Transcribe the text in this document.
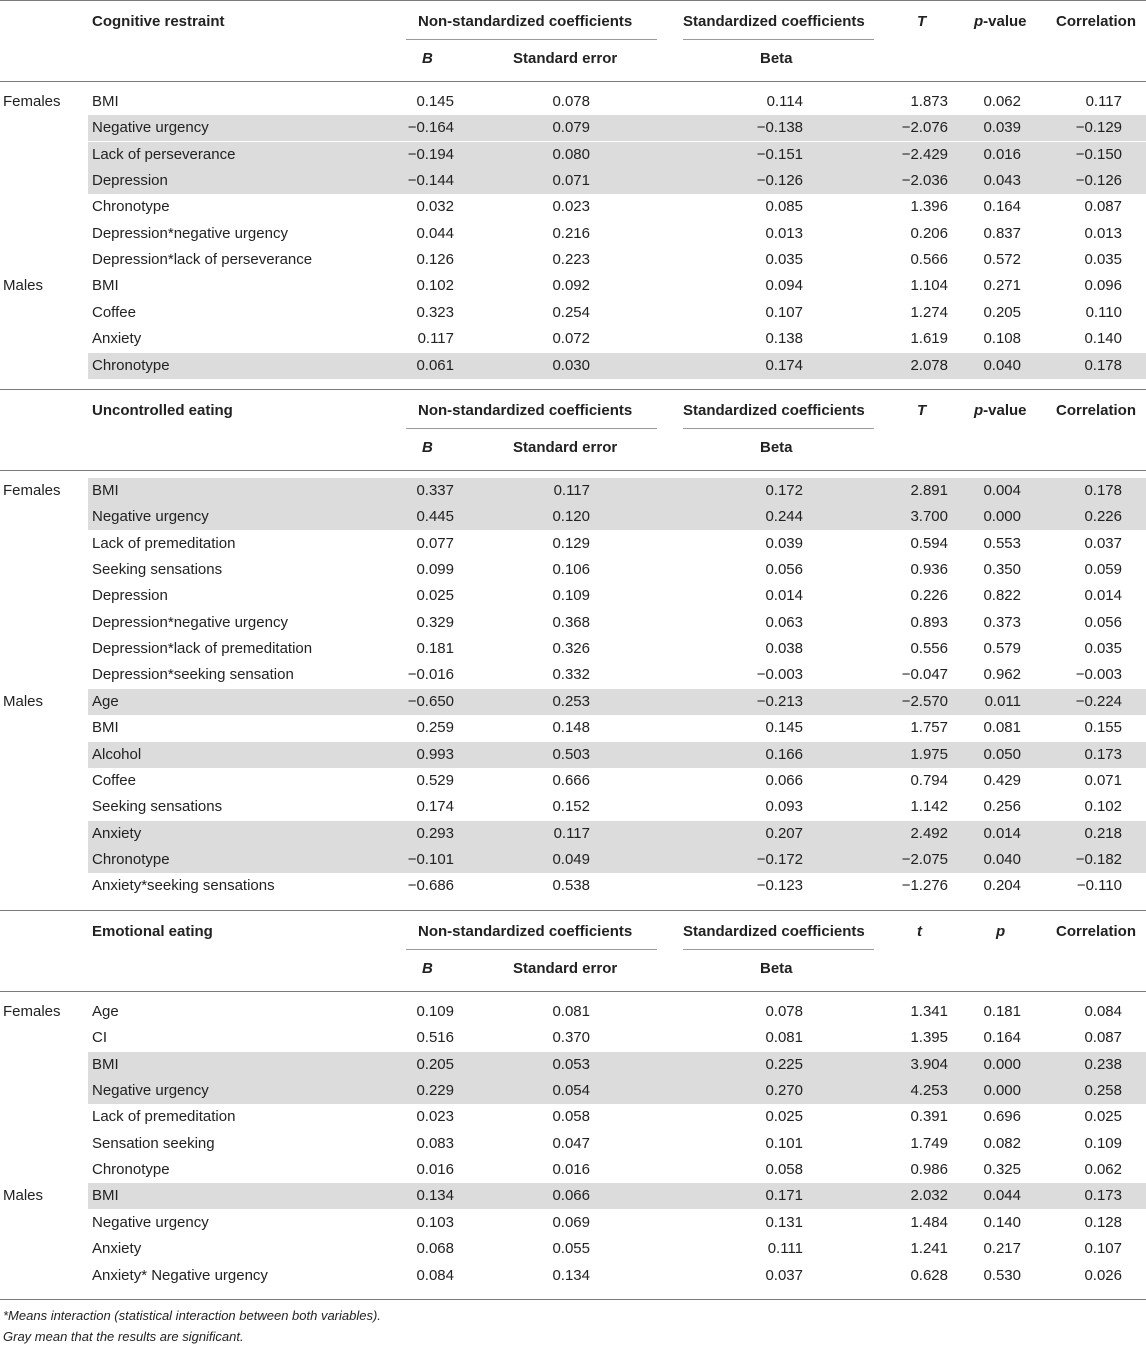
Cognitive restraint	Non-standardized coefficients	Standardized coefficients	T	p-value Correlation
B	Standard error	Beta
Females BMI	0.145	0.078	0.114	1.873 0.062	0.117
Negative urgency	−0.164	0.079	−0.138	−2.076 0.039	−0.129
Lack of perseverance	−0.194	0.080	−0.151	−2.429 0.016	−0.150
Depression	−0.144	0.071	−0.126	−2.036 0.043	−0.126
Chronotype	0.032	0.023	0.085	1.396 0.164	0.087
Depression*negative urgency	0.044	0.216	0.013	0.206 0.837	0.013
Depression*lack of perseverance	0.126	0.223	0.035	0.566 0.572	0.035
Males	BMI	0.102	0.092	0.094	1.104 0.271	0.096
Coffee	0.323	0.254	0.107	1.274 0.205	0.110
Anxiety	0.117	0.072	0.138	1.619 0.108	0.140
Chronotype	0.061	0.030	0.174	2.078 0.040	0.178
Uncontrolled eating	Non-standardized coefficients	Standardized coefficients	T	p-value Correlation
B	Standard error	Beta
Females BMI	0.337	0.117	0.172	2.891 0.004	0.178
Negative urgency	0.445	0.120	0.244	3.700 0.000	0.226
Lack of premeditation	0.077	0.129	0.039	0.594 0.553	0.037
Seeking sensations	0.099	0.106	0.056	0.936 0.350	0.059
Depression	0.025	0.109	0.014	0.226 0.822	0.014
Depression*negative urgency	0.329	0.368	0.063	0.893 0.373	0.056
Depression*lack of premeditation	0.181	0.326	0.038	0.556 0.579	0.035
Depression*seeking sensation	−0.016	0.332	−0.003	−0.047 0.962	−0.003
Males	Age	−0.650	0.253	−0.213	−2.570 0.011	−0.224
BMI	0.259	0.148	0.145	1.757 0.081	0.155
Alcohol	0.993	0.503	0.166	1.975 0.050	0.173
Coffee	0.529	0.666	0.066	0.794 0.429	0.071
Seeking sensations	0.174	0.152	0.093	1.142 0.256	0.102
Anxiety	0.293	0.117	0.207	2.492 0.014	0.218
Chronotype	−0.101	0.049	−0.172	−2.075 0.040	−0.182
Anxiety*seeking sensations	−0.686	0.538	−0.123	−1.276 0.204	−0.110
Emotional eating	Non-standardized coefficients	Standardized coefficients	t	p	Correlation
B	Standard error	Beta
Females Age	0.109	0.081	0.078	1.341 0.181	0.084
CI	0.516	0.370	0.081	1.395 0.164	0.087
BMI	0.205	0.053	0.225	3.904 0.000	0.238
Negative urgency	0.229	0.054	0.270	4.253 0.000	0.258
Lack of premeditation	0.023	0.058	0.025	0.391 0.696	0.025
Sensation seeking	0.083	0.047	0.101	1.749 0.082	0.109
Chronotype	0.016	0.016	0.058	0.986 0.325	0.062
Males	BMI	0.134	0.066	0.171	2.032 0.044	0.173
Negative urgency	0.103	0.069	0.131	1.484 0.140	0.128
Anxiety	0.068	0.055	0.111	1.241 0.217	0.107
Anxiety* Negative urgency	0.084	0.134	0.037	0.628 0.530	0.026
*Means interaction (statistical interaction between both variables).
Gray mean that the results are significant.
